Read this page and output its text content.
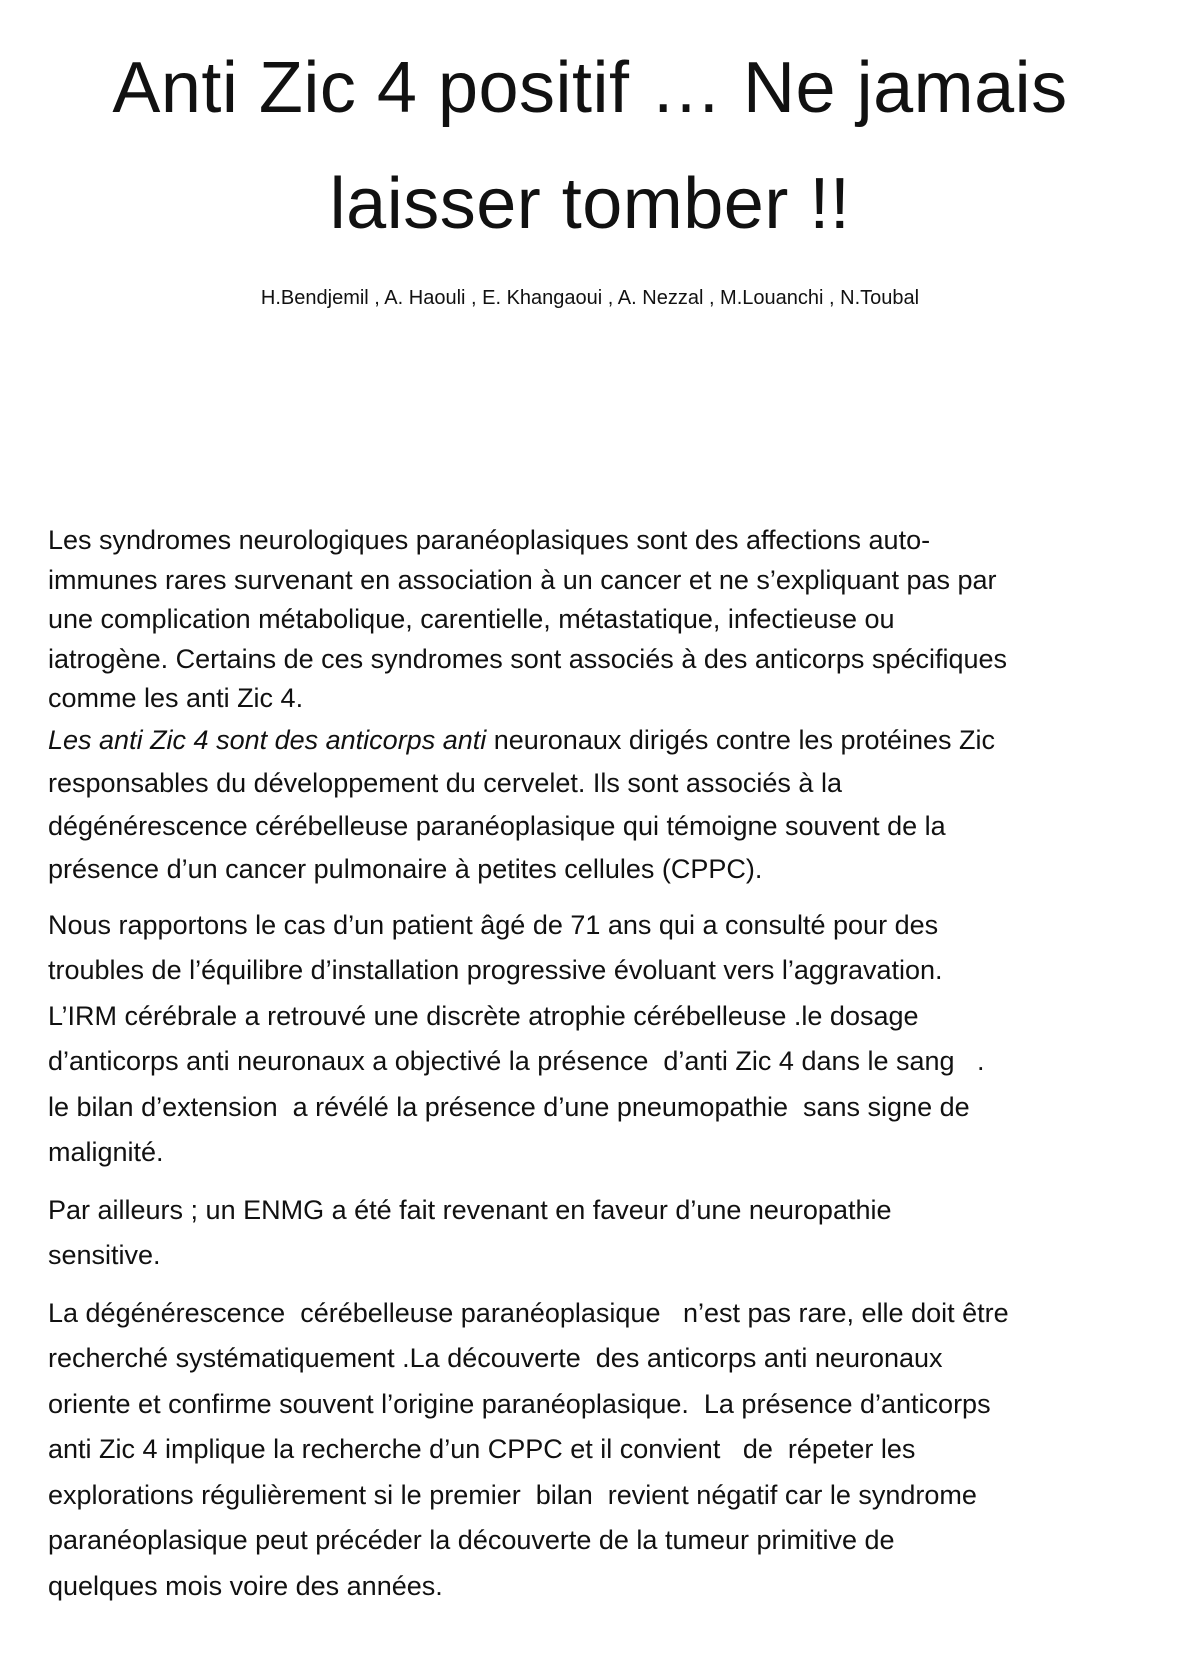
Anti Zic 4 positif … Ne jamais
laisser tomber !!

H.Bendjemil , A. Haouli , E. Khangaoui , A. Nezzal , M.Louanchi , N.Toubal

Les syndromes neurologiques paranéoplasiques sont des affections auto-

immunes rares survenant en association à un cancer et ne s’expliquant pas par

une complication métabolique, carentielle, métastatique, infectieuse ou

iatrogène. Certains de ces syndromes sont associés à des anticorps spécifiques

comme les anti Zic 4.

Les anti Zic 4 sont des anticorps anti neuronaux dirigés contre les protéines Zic

responsables du développement du cervelet. Ils sont associés à la

dégénérescence cérébelleuse paranéoplasique qui témoigne souvent de la

présence d’un cancer pulmonaire à petites cellules (CPPC).

Nous rapportons le cas d’un patient âgé de 71 ans qui a consulté pour des

troubles de l’équilibre d’installation progressive évoluant vers l’aggravation.

L’IRM cérébrale a retrouvé une discrète atrophie cérébelleuse .le dosage

d’anticorps anti neuronaux a objectivé la présence  d’anti Zic 4 dans le sang   .

le bilan d’extension  a révélé la présence d’une pneumopathie  sans signe de

malignité.

Par ailleurs ; un ENMG a été fait revenant en faveur d’une neuropathie

sensitive.

La dégénérescence  cérébelleuse paranéoplasique   n’est pas rare, elle doit être

recherché systématiquement .La découverte  des anticorps anti neuronaux

oriente et confirme souvent l’origine paranéoplasique.  La présence d’anticorps

anti Zic 4 implique la recherche d’un CPPC et il convient   de  répeter les

explorations régulièrement si le premier  bilan  revient négatif car le syndrome

paranéoplasique peut précéder la découverte de la tumeur primitive de

quelques mois voire des années.
